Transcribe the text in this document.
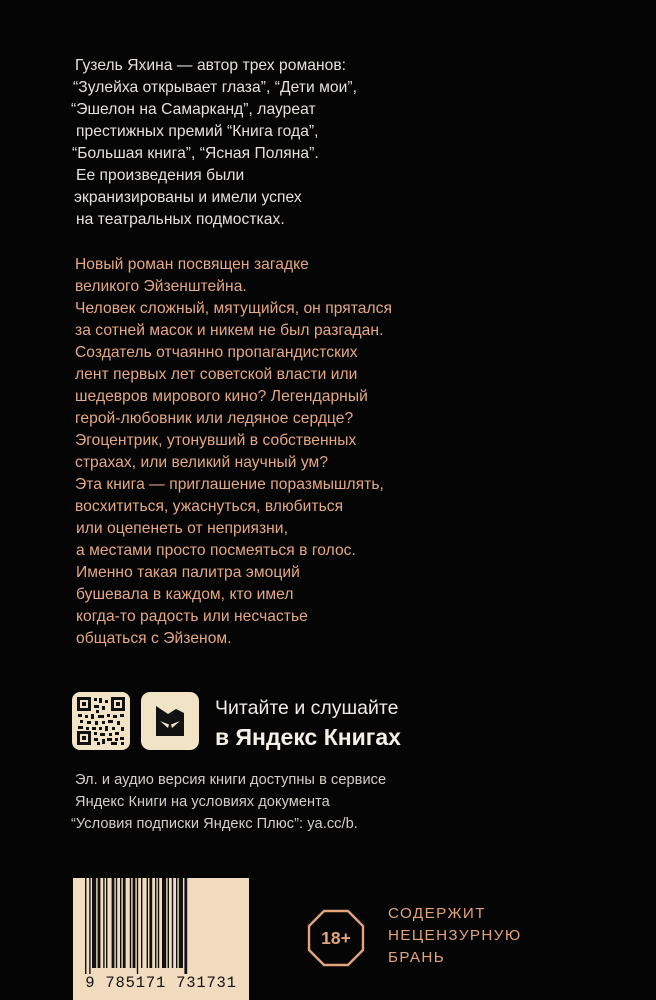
Гузель Яхина — автор трех романов:
“Зулейха открывает глаза”, “Дети мои”,
“Эшелон на Самарканд”, лауреат
престижных премий “Книга года”,
“Большая книга”, “Ясная Поляна”.
Ее произведения были
экранизированы и имели успех
на театральных подмостках.
Новый роман посвящен загадке
великого Эйзенштейна.
Человек сложный, мятущийся, он прятался
за сотней масок и никем не был разгадан.
Создатель отчаянно пропагандистских
лент первых лет советской власти или
шедевров мирового кино? Легендарный
герой-любовник или ледяное сердце?
Эгоцентрик, утонувший в собственных
страхах, или великий научный ум?
Эта книга — приглашение поразмышлять,
восхититься, ужаснуться, влюбиться
или оцепенеть от неприязни,
а местами просто посмеяться в голос.
Именно такая палитра эмоций
бушевала в каждом, кто имел
когда-то радость или несчастье
общаться с Эйзеном.
Читайте и слушайте
в Яндекс Книгах
Эл. и аудио версия книги доступны в сервисе
Яндекс Книги на условиях документа
“Условия подписки Яндекс Плюс”: ya.cc/b.
9 785171 731731
18+
СОДЕРЖИТ
НЕЦЕНЗУРНУЮ
БРАНЬ
